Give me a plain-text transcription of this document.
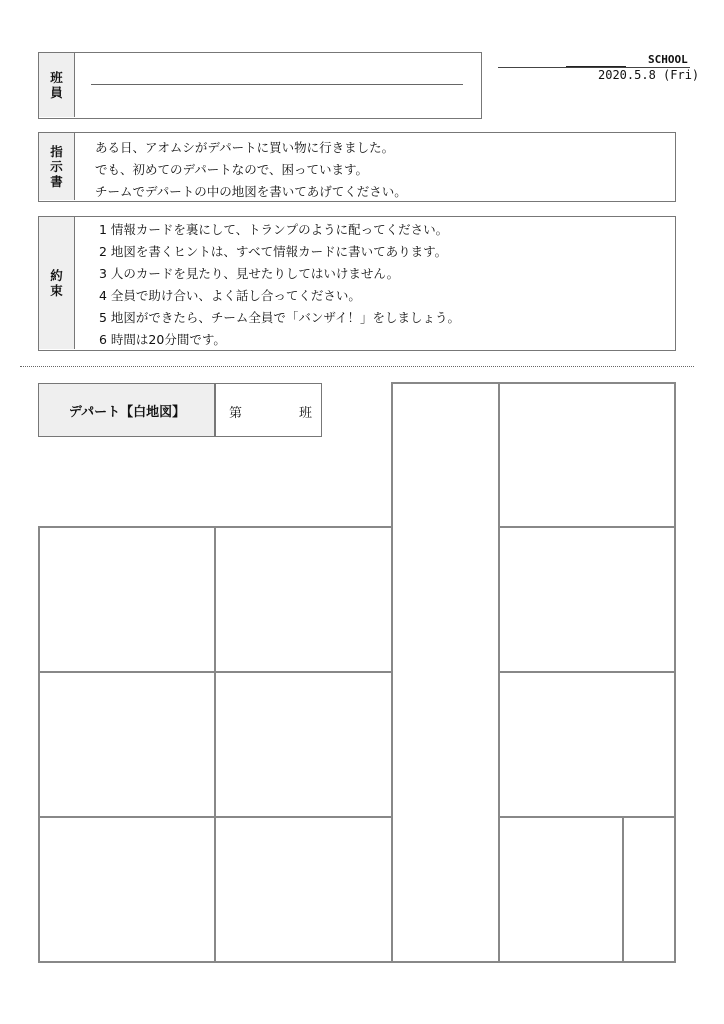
班
員
SCHOOL
2020.5.8 (Fri)
指
示
書
ある日、アオムシがデパートに買い物に行きました。
でも、初めてのデパートなので、困っています。
チームでデパートの中の地図を書いてあげてください。
約
束
1 情報カードを裏にして、トランプのように配ってください。
2 地図を書くヒントは、すべて情報カードに書いてあります。
3 人のカードを見たり、見せたりしてはいけません。
4 全員で助け合い、よく話し合ってください。
5 地図ができたら、チーム全員で「バンザイ！」をしましょう。
6 時間は20分間です。
デパート【白地図】	第	班
